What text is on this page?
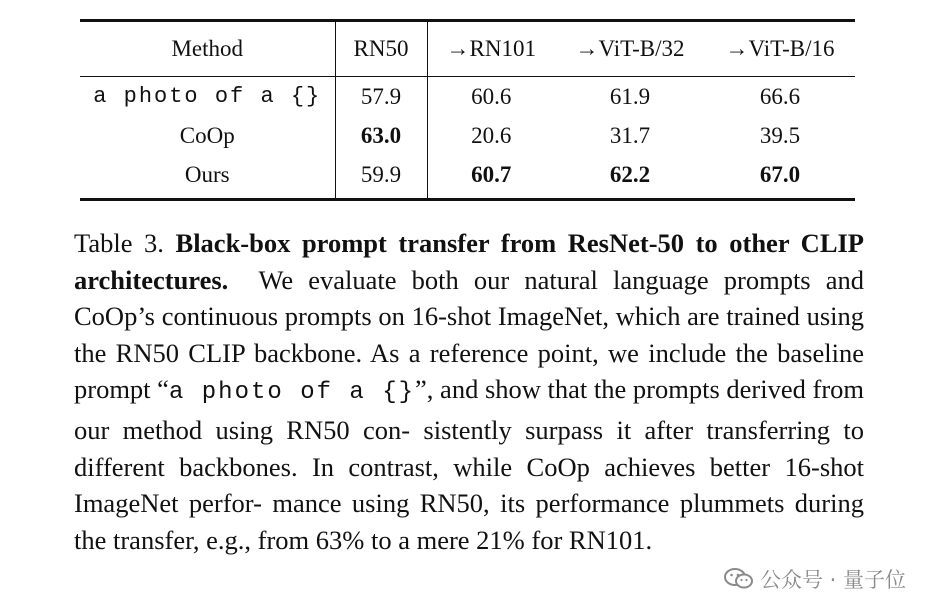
Method	RN50	→RN101	→ViT-B/32	→ViT-B/16

a photo of a {}	57.9	60.6	61.9	66.6
CoOp	63.0	20.6	31.7	39.5
Ours	59.9	60.7	62.2	67.0
Table 3. Black-box prompt transfer from ResNet-50 to other CLIP architectures. We evaluate both our natural language prompts and CoOp’s continuous prompts on 16-shot ImageNet, which are trained using the RN50 CLIP backbone. As a reference point, we include the baseline prompt “a photo of a {}”, and show that the prompts derived from our method using RN50 con- sistently surpass it after transferring to different backbones. In contrast, while CoOp achieves better 16-shot ImageNet perfor- mance using RN50, its performance plummets during the transfer, e.g., from 63% to a mere 21% for RN101.
公众号 · 量子位
